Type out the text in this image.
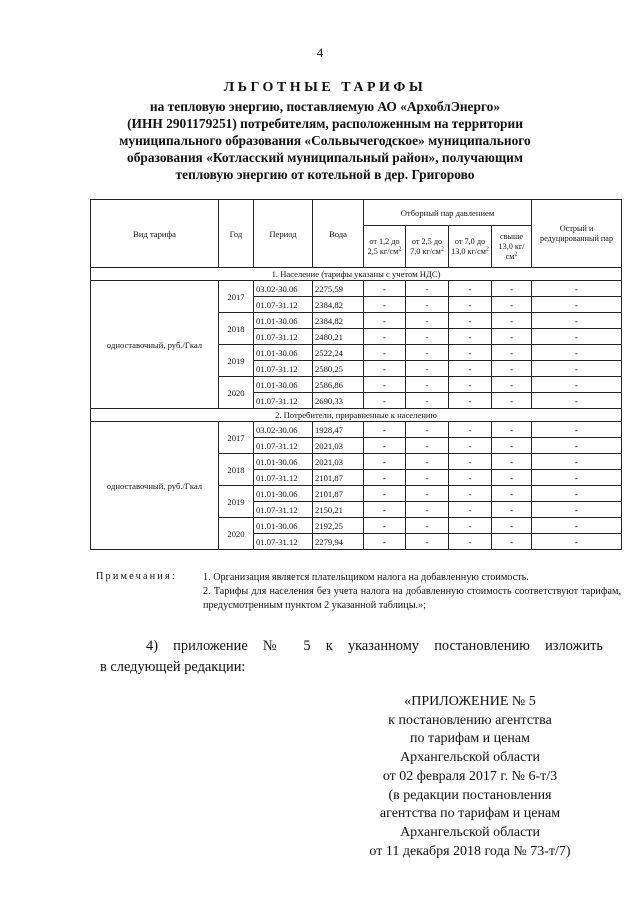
4
ЛЬГОТНЫЕ ТАРИФЫ
на тепловую энергию, поставляемую АО «АрхоблЭнерго»
(ИНН 2901179251) потребителям, расположенным на территории
муниципального образования «Сольвычегодское» муниципального
образования «Котласский муниципальный район», получающим
тепловую энергию от котельной в дер. Григорово
Вид тарифа	Год	Период	Вода	Отборный пар давлением				Острый и редуцированный пар
				от 1,2 до 2,5 $кг/см^2$	от 2,5 до 7,0 $кг/см^2$	от 7,0 до 13,0 $кг/см^2$	свыше 13,0 $кг/см^2$
1. Население (тарифы указаны с учетом НДС)								
одноставочный, руб./Гкал	2017	03.02-30.06	2275,59	-	-	-	-	-
		01.07-31.12	2384,82	-	-	-	-	-
	2018	01.01-30.06	2384,82	-	-	-	-	-
		01.07-31.12	2480,21	-	-	-	-	-
	2019	01.01-30.06	2522,24	-	-	-	-	-
		01.07-31.12	2580,25	-	-	-	-	-
	2020	01.01-30.06	2586,86	-	-	-	-	-
		01.07-31.12	2690,33	-	-	-	-	-
2. Потребители, приравненные к населению								
одноставочный, руб./Гкал	2017	03.02-30.06	1928,47	-	-	-	-	-
		01.07-31.12	2021,03	-	-	-	-	-
	2018	01.01-30.06	2021,03	-	-	-	-	-
		01.07-31.12	2101,87	-	-	-	-	-
	2019	01.01-30.06	2101,87	-	-	-	-	-
		01.07-31.12	2150,21	-	-	-	-	-
	2020	01.01-30.06	2192,25	-	-	-	-	-
		01.07-31.12	2279,94	-	-	-	-	-
Примечания:	1. Организация является плательщиком налога на добавленную стоимость.
2. Тарифы для населения без учета налога на добавленную стоимость соответствуют тарифам, предусмотренным пунктом 2 указанной таблицы.»;
4) приложение № 5 к указанному постановлению изложить
в следующей редакции:
«ПРИЛОЖЕНИЕ № 5
к постановлению агентства
по тарифам и ценам
Архангельской области
от 02 февраля 2017 г. № 6-т/3
(в редакции постановления
агентства по тарифам и ценам
Архангельской области
от 11 декабря 2018 года № 73-т/7)
